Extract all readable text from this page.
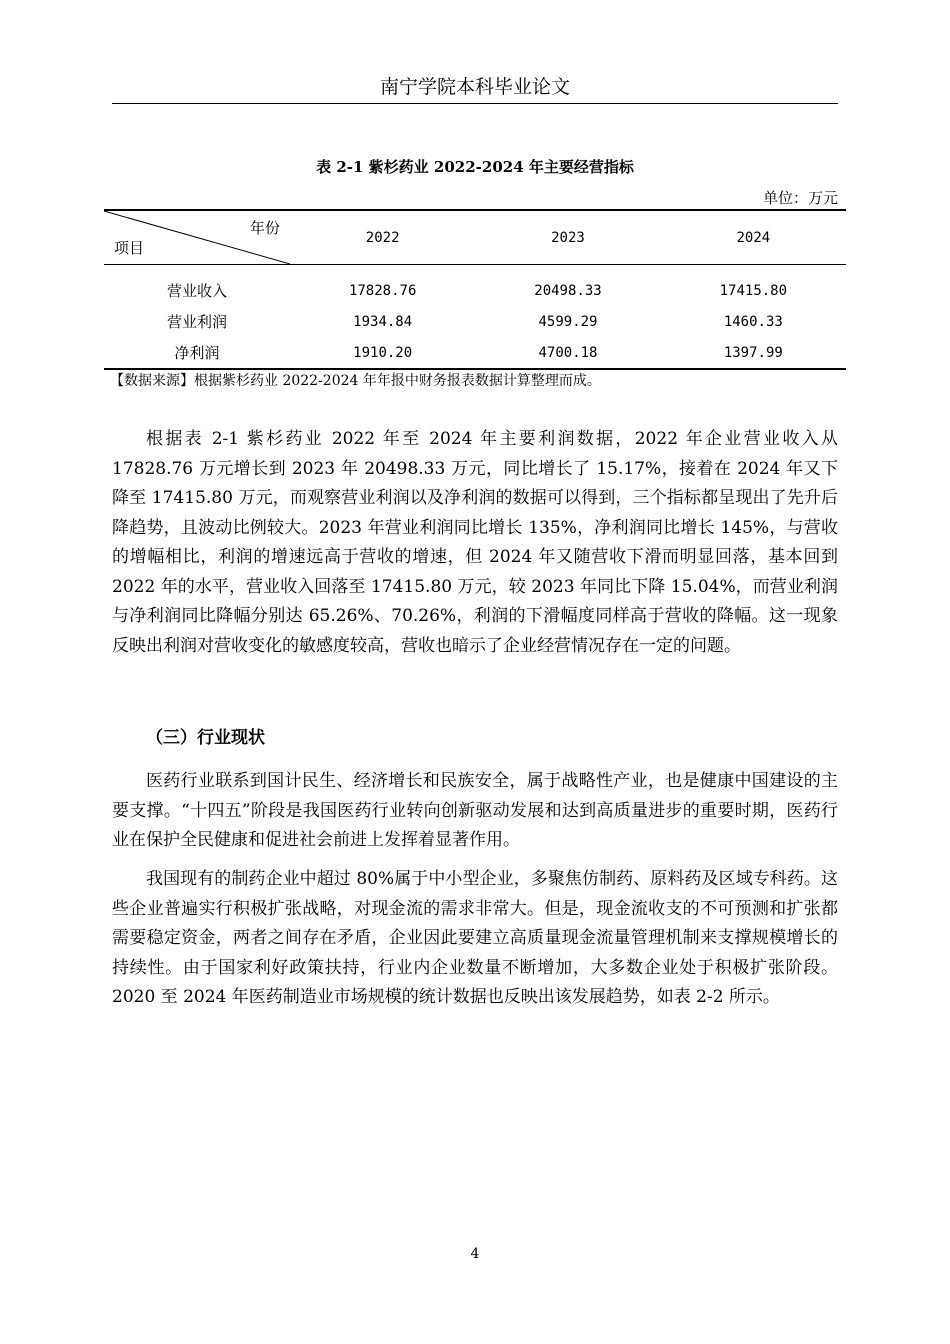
南宁学院本科毕业论文
表 2-1 紫杉药业 2022-2024 年主要经营指标
单位：万元
年份
项目	2022	2023	2024
营业收入	17828.76	20498.33	17415.80
营业利润	1934.84	4599.29	1460.33
净利润	1910.20	4700.18	1397.99
【数据来源】根据紫杉药业 2022-2024 年年报中财务报表数据计算整理而成。

根据表 2-1 紫杉药业 2022 年至 2024 年主要利润数据，2022 年企业营业收入从 17828.76 万元增长到 2023 年 20498.33 万元，同比增长了 15.17%，接着在 2024 年又下降至 17415.80 万元，而观察营业利润以及净利润的数据可以得到，三个指标都呈现出了先升后降趋势，且波动比例较大。2023 年营业利润同比增长 135%，净利润同比增长 145%，与营收的增幅相比，利润的增速远高于营收的增速，但 2024 年又随营收下滑而明显回落，基本回到 2022 年的水平，营业收入回落至 17415.80 万元，较 2023 年同比下降 15.04%，而营业利润与净利润同比降幅分别达 65.26%、70.26%，利润的下滑幅度同样高于营收的降幅。这一现象反映出利润对营收变化的敏感度较高，营收也暗示了企业经营情况存在一定的问题。

（三）行业现状

医药行业联系到国计民生、经济增长和民族安全，属于战略性产业，也是健康中国建设的主要支撑。“十四五”阶段是我国医药行业转向创新驱动发展和达到高质量进步的重要时期，医药行业在保护全民健康和促进社会前进上发挥着显著作用。

我国现有的制药企业中超过 80%属于中小型企业，多聚焦仿制药、原料药及区域专科药。这些企业普遍实行积极扩张战略，对现金流的需求非常大。但是，现金流收支的不可预测和扩张都需要稳定资金，两者之间存在矛盾，企业因此要建立高质量现金流量管理机制来支撑规模增长的持续性。由于国家利好政策扶持，行业内企业数量不断增加，大多数企业处于积极扩张阶段。2020 至 2024 年医药制造业市场规模的统计数据也反映出该发展趋势，如表 2-2 所示。

4
